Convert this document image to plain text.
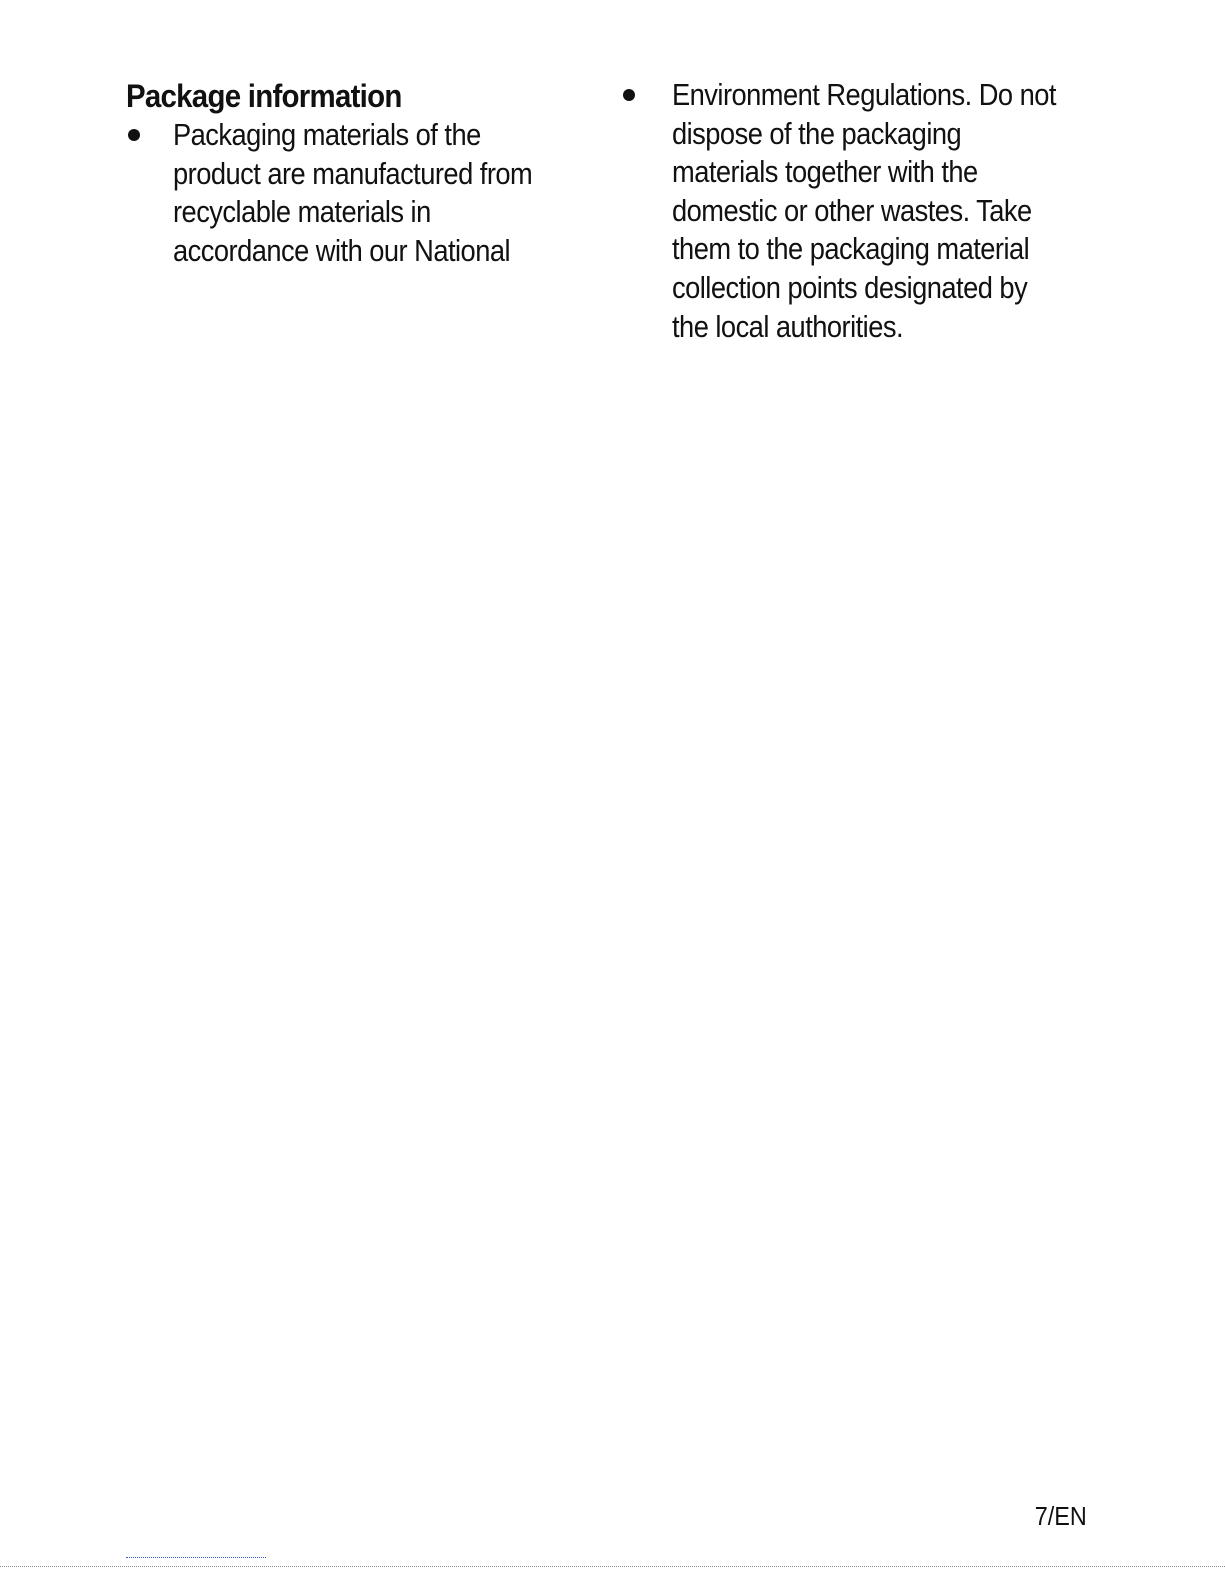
Package information
Packaging materials of the
product are manufactured from
recyclable materials in
accordance with our National
Environment Regulations. Do not
dispose of the packaging
materials together with the
domestic or other wastes. Take
them to the packaging material
collection points designated by
the local authorities.
7/EN
